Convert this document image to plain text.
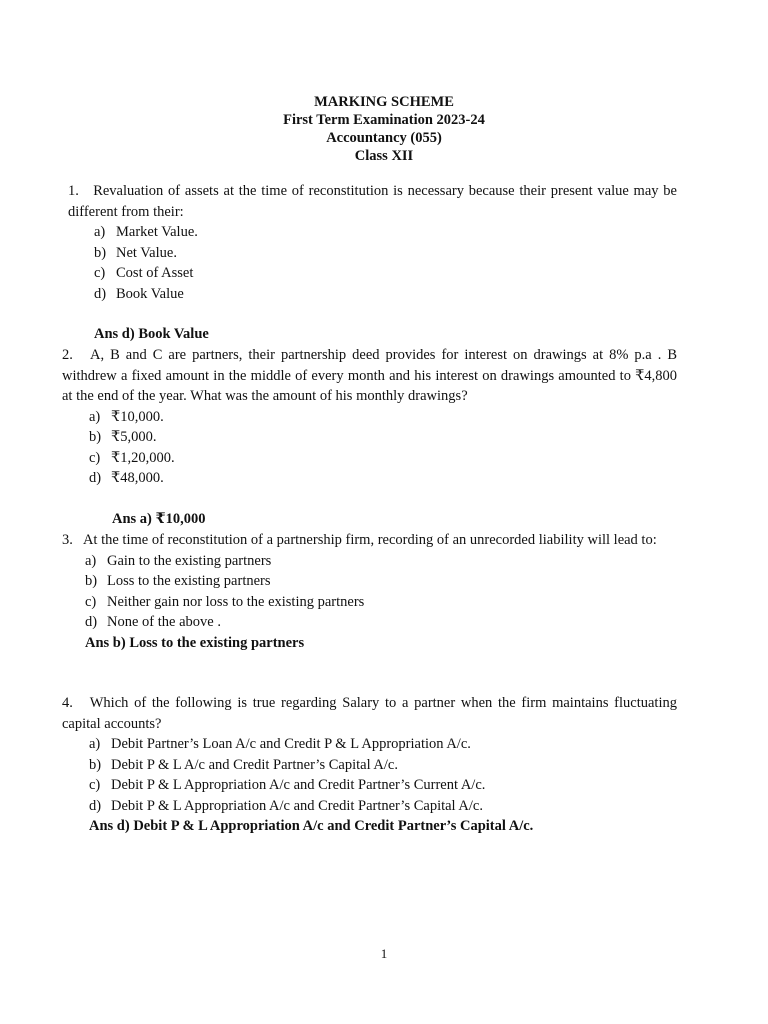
MARKING SCHEME
First Term Examination 2023-24
Accountancy (055)
Class XII
1. Revaluation of assets at the time of reconstitution is necessary because their present value may be different from their:
a) Market Value.
b) Net Value.
c) Cost of Asset
d) Book Value
Ans d) Book Value
2. A, B and C are partners, their partnership deed provides for interest on drawings at 8% p.a . B withdrew a fixed amount in the middle of every month and his interest on drawings amounted to ₹4,800 at the end of the year. What was the amount of his monthly drawings?
a) ₹10,000.
b) ₹5,000.
c) ₹1,20,000.
d) ₹48,000.
Ans a) ₹10,000
3. At the time of reconstitution of a partnership firm, recording of an unrecorded liability will lead to:
a) Gain to the existing partners
b) Loss to the existing partners
c) Neither gain nor loss to the existing partners
d) None of the above .
Ans b) Loss to the existing partners
4. Which of the following is true regarding Salary to a partner when the firm maintains fluctuating capital accounts?
a) Debit Partner’s Loan A/c and Credit P & L Appropriation A/c.
b) Debit P & L A/c and Credit Partner’s Capital A/c.
c) Debit P & L Appropriation A/c and Credit Partner’s Current A/c.
d) Debit P & L Appropriation A/c and Credit Partner’s Capital A/c.
Ans d) Debit P & L Appropriation A/c and Credit Partner’s Capital A/c.
1
